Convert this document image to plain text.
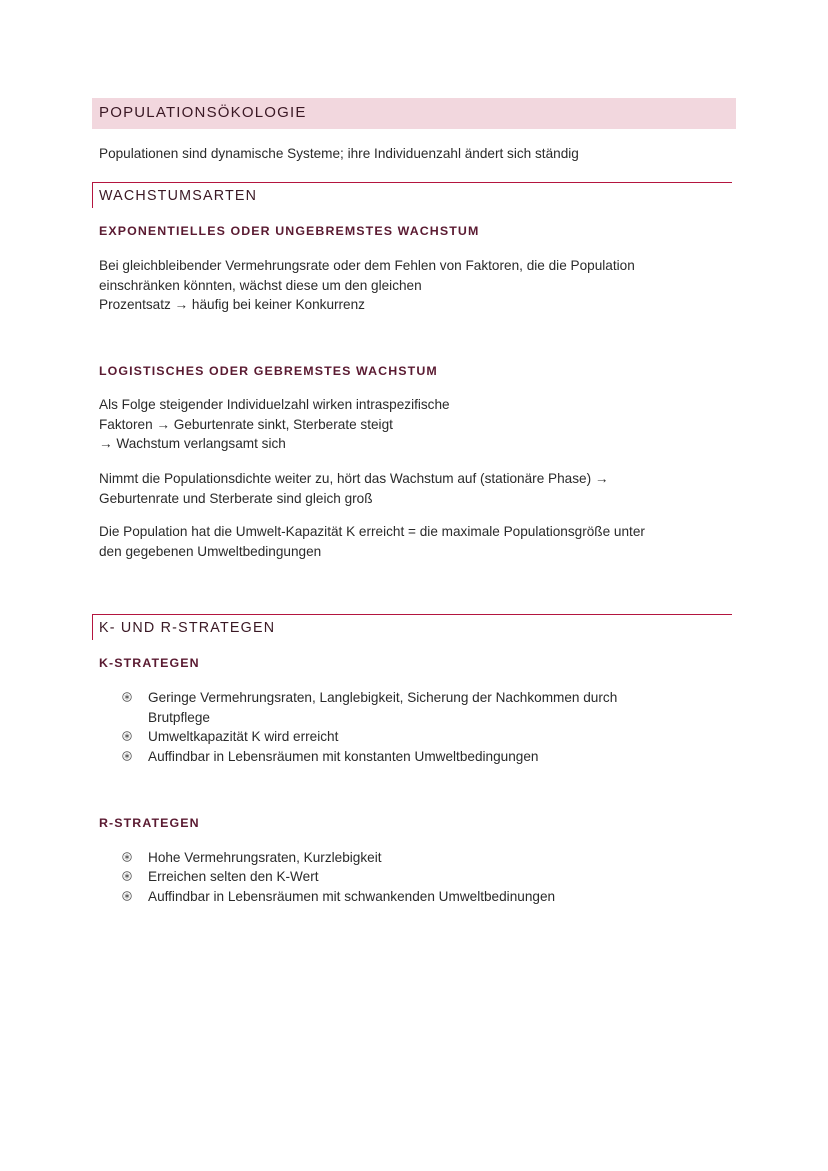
POPULATIONSÖKOLOGIE
Populationen sind dynamische Systeme; ihre Individuenzahl ändert sich ständig
WACHSTUMSARTEN
EXPONENTIELLES ODER UNGEBREMSTES WACHSTUM
Bei gleichbleibender Vermehrungsrate oder dem Fehlen von Faktoren, die die Population
einschränken könnten, wächst diese um den gleichen
Prozentsatz → häufig bei keiner Konkurrenz
LOGISTISCHES ODER GEBREMSTES WACHSTUM
Als Folge steigender Individuelzahl wirken intraspezifische
Faktoren → Geburtenrate sinkt, Sterberate steigt
→ Wachstum verlangsamt sich
Nimmt die Populationsdichte weiter zu, hört das Wachstum auf (stationäre Phase) →
Geburtenrate und Sterberate sind gleich groß
Die Population hat die Umwelt-Kapazität K erreicht = die maximale Populationsgröße unter
den gegebenen Umweltbedingungen
K- UND R-STRATEGEN
K-STRATEGEN
Geringe Vermehrungsraten, Langlebigkeit, Sicherung der Nachkommen durch
Brutpflege
Umweltkapazität K wird erreicht
Auffindbar in Lebensräumen mit konstanten Umweltbedingungen
R-STRATEGEN
Hohe Vermehrungsraten, Kurzlebigkeit
Erreichen selten den K-Wert
Auffindbar in Lebensräumen mit schwankenden Umweltbedinungen
